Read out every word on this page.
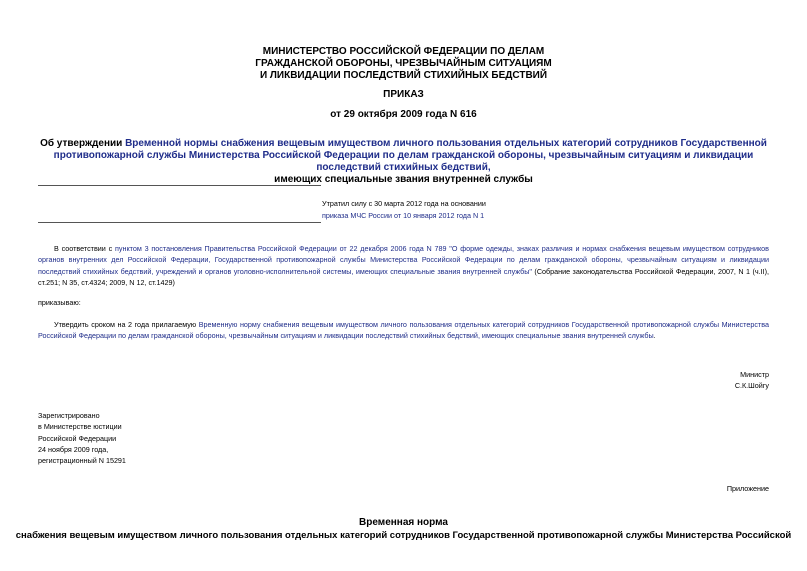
МИНИСТЕРСТВО РОССИЙСКОЙ ФЕДЕРАЦИИ ПО ДЕЛАМ
ГРАЖДАНСКОЙ ОБОРОНЫ, ЧРЕЗВЫЧАЙНЫМ СИТУАЦИЯМ
И ЛИКВИДАЦИИ ПОСЛЕДСТВИЙ СТИХИЙНЫХ БЕДСТВИЙ
ПРИКАЗ
от 29 октября 2009 года N 616
Об утверждении Временной нормы снабжения вещевым имуществом личного пользования отдельных категорий сотрудников Государственной противопожарной службы Министерства Российской Федерации по делам гражданской обороны, чрезвычайным ситуациям и ликвидации последствий стихийных бедствий,
имеющих специальные звания внутренней службы
Утратил силу с 30 марта 2012 года на основании
приказа МЧС России от 10 января 2012 года N 1
В соответствии с пунктом 3 постановления Правительства Российской Федерации от 22 декабря 2006 года N 789 "О форме одежды, знаках различия и нормах снабжения вещевым имуществом сотрудников органов внутренних дел Российской Федерации, Государственной противопожарной службы Министерства Российской Федерации по делам гражданской обороны, чрезвычайным ситуациям и ликвидации последствий стихийных бедствий, учреждений и органов уголовно-исполнительной системы, имеющих специальные звания внутренней службы" (Собрание законодательства Российской Федерации, 2007, N 1 (ч.II), ст.251; N 35, ст.4324; 2009, N 12, ст.1429)
приказываю:
Утвердить сроком на 2 года прилагаемую Временную норму снабжения вещевым имуществом личного пользования отдельных категорий сотрудников Государственной противопожарной службы Министерства Российской Федерации по делам гражданской обороны, чрезвычайным ситуациям и ликвидации последствий стихийных бедствий, имеющих специальные звания внутренней службы.
Министр
С.К.Шойгу
Зарегистрировано
в Министерстве юстиции
Российской Федерации
24 ноября 2009 года,
регистрационный N 15291
Приложение
Временная норма
снабжения вещевым имуществом личного пользования отдельных категорий сотрудников Государственной противопожарной службы Министерства Российской
